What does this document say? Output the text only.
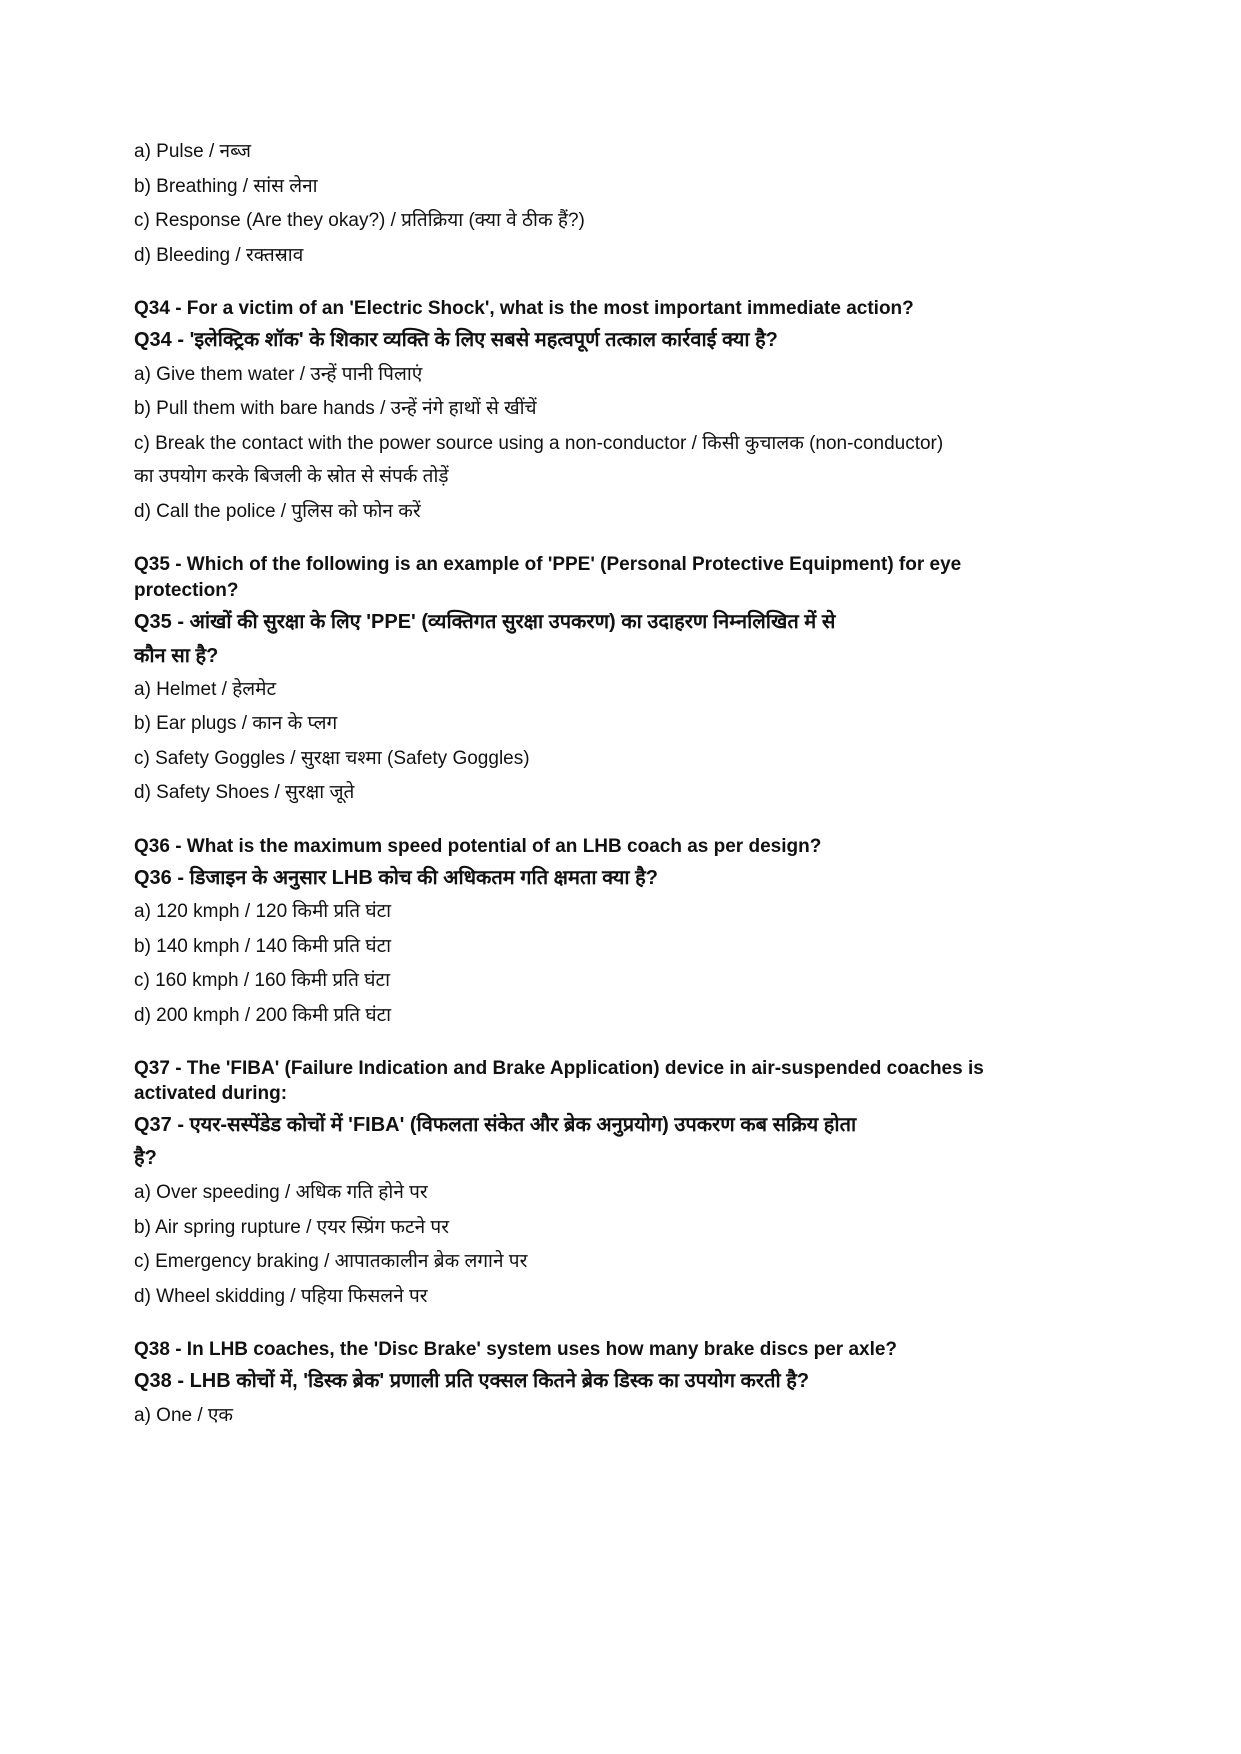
a) Pulse / नब्ज
b) Breathing / सांस लेना
c) Response (Are they okay?) / प्रतिक्रिया (क्या वे ठीक हैं?)
d) Bleeding / रक्तस्राव
Q34 - For a victim of an 'Electric Shock', what is the most important immediate action?
Q34 - 'इलेक्ट्रिक शॉक' के शिकार व्यक्ति के लिए सबसे महत्वपूर्ण तत्काल कार्रवाई क्या है?
a) Give them water / उन्हें पानी पिलाएं
b) Pull them with bare hands / उन्हें नंगे हाथों से खींचें
c) Break the contact with the power source using a non-conductor / किसी कुचालक (non-conductor)
का उपयोग करके बिजली के स्रोत से संपर्क तोड़ें
d) Call the police / पुलिस को फोन करें
Q35 - Which of the following is an example of 'PPE' (Personal Protective Equipment) for eye
protection?
Q35 - आंखों की सुरक्षा के लिए 'PPE' (व्यक्तिगत सुरक्षा उपकरण) का उदाहरण निम्नलिखित में से
कौन सा है?
a) Helmet / हेलमेट
b) Ear plugs / कान के प्लग
c) Safety Goggles / सुरक्षा चश्मा (Safety Goggles)
d) Safety Shoes / सुरक्षा जूते
Q36 - What is the maximum speed potential of an LHB coach as per design?
Q36 - डिजाइन के अनुसार LHB कोच की अधिकतम गति क्षमता क्या है?
a) 120 kmph / 120 किमी प्रति घंटा
b) 140 kmph / 140 किमी प्रति घंटा
c) 160 kmph / 160 किमी प्रति घंटा
d) 200 kmph / 200 किमी प्रति घंटा
Q37 - The 'FIBA' (Failure Indication and Brake Application) device in air-suspended coaches is
activated during:
Q37 - एयर-सस्पेंडेड कोचों में 'FIBA' (विफलता संकेत और ब्रेक अनुप्रयोग) उपकरण कब सक्रिय होता
है?
a) Over speeding / अधिक गति होने पर
b) Air spring rupture / एयर स्प्रिंग फटने पर
c) Emergency braking / आपातकालीन ब्रेक लगाने पर
d) Wheel skidding / पहिया फिसलने पर
Q38 - In LHB coaches, the 'Disc Brake' system uses how many brake discs per axle?
Q38 - LHB कोचों में, 'डिस्क ब्रेक' प्रणाली प्रति एक्सल कितने ब्रेक डिस्क का उपयोग करती है?
a) One / एक
